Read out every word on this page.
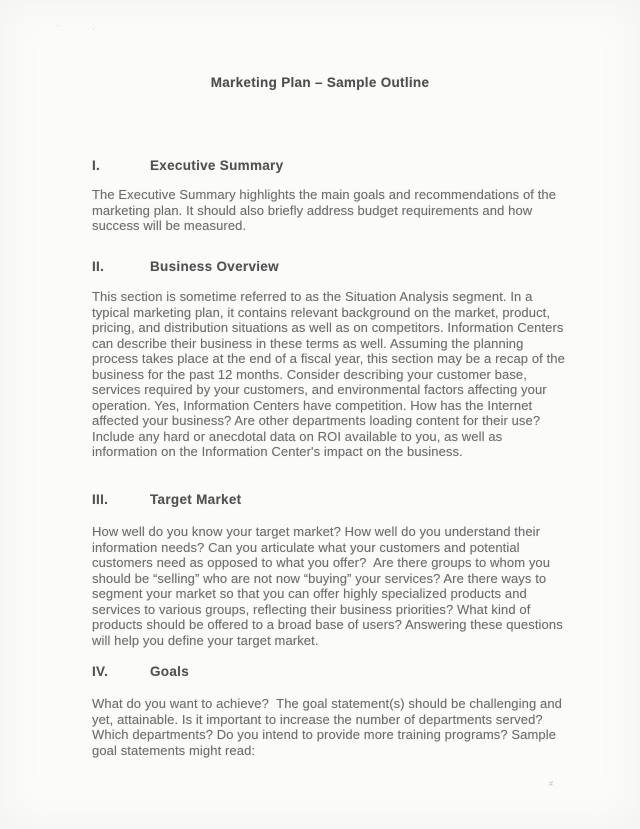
’	·
#
Marketing Plan – Sample Outline
I.	Executive Summary

The Executive Summary highlights the main goals and recommendations of the marketing plan. It should also briefly address budget requirements and how success will be measured.

II.	Business Overview

This section is sometime referred to as the Situation Analysis segment. In a typical marketing plan, it contains relevant background on the market, product, pricing, and distribution situations as well as on competitors. Information Centers can describe their business in these terms as well. Assuming the planning process takes place at the end of a fiscal year, this section may be a recap of the business for the past 12 months. Consider describing your customer base, services required by your customers, and environmental factors affecting your operation. Yes, Information Centers have competition. How has the Internet affected your business? Are other departments loading content for their use? Include any hard or anecdotal data on ROI available to you, as well as information on the Information Center's impact on the business.

III.	Target Market

How well do you know your target market? How well do you understand their information needs? Can you articulate what your customers and potential customers need as opposed to what you offer?  Are there groups to whom you should be “selling” who are not now “buying” your services? Are there ways to segment your market so that you can offer highly specialized products and services to various groups, reflecting their business priorities? What kind of products should be offered to a broad base of users? Answering these questions will help you define your target market.

IV.	Goals

What do you want to achieve?  The goal statement(s) should be challenging and yet, attainable. Is it important to increase the number of departments served? Which departments? Do you intend to provide more training programs? Sample goal statements might read:
